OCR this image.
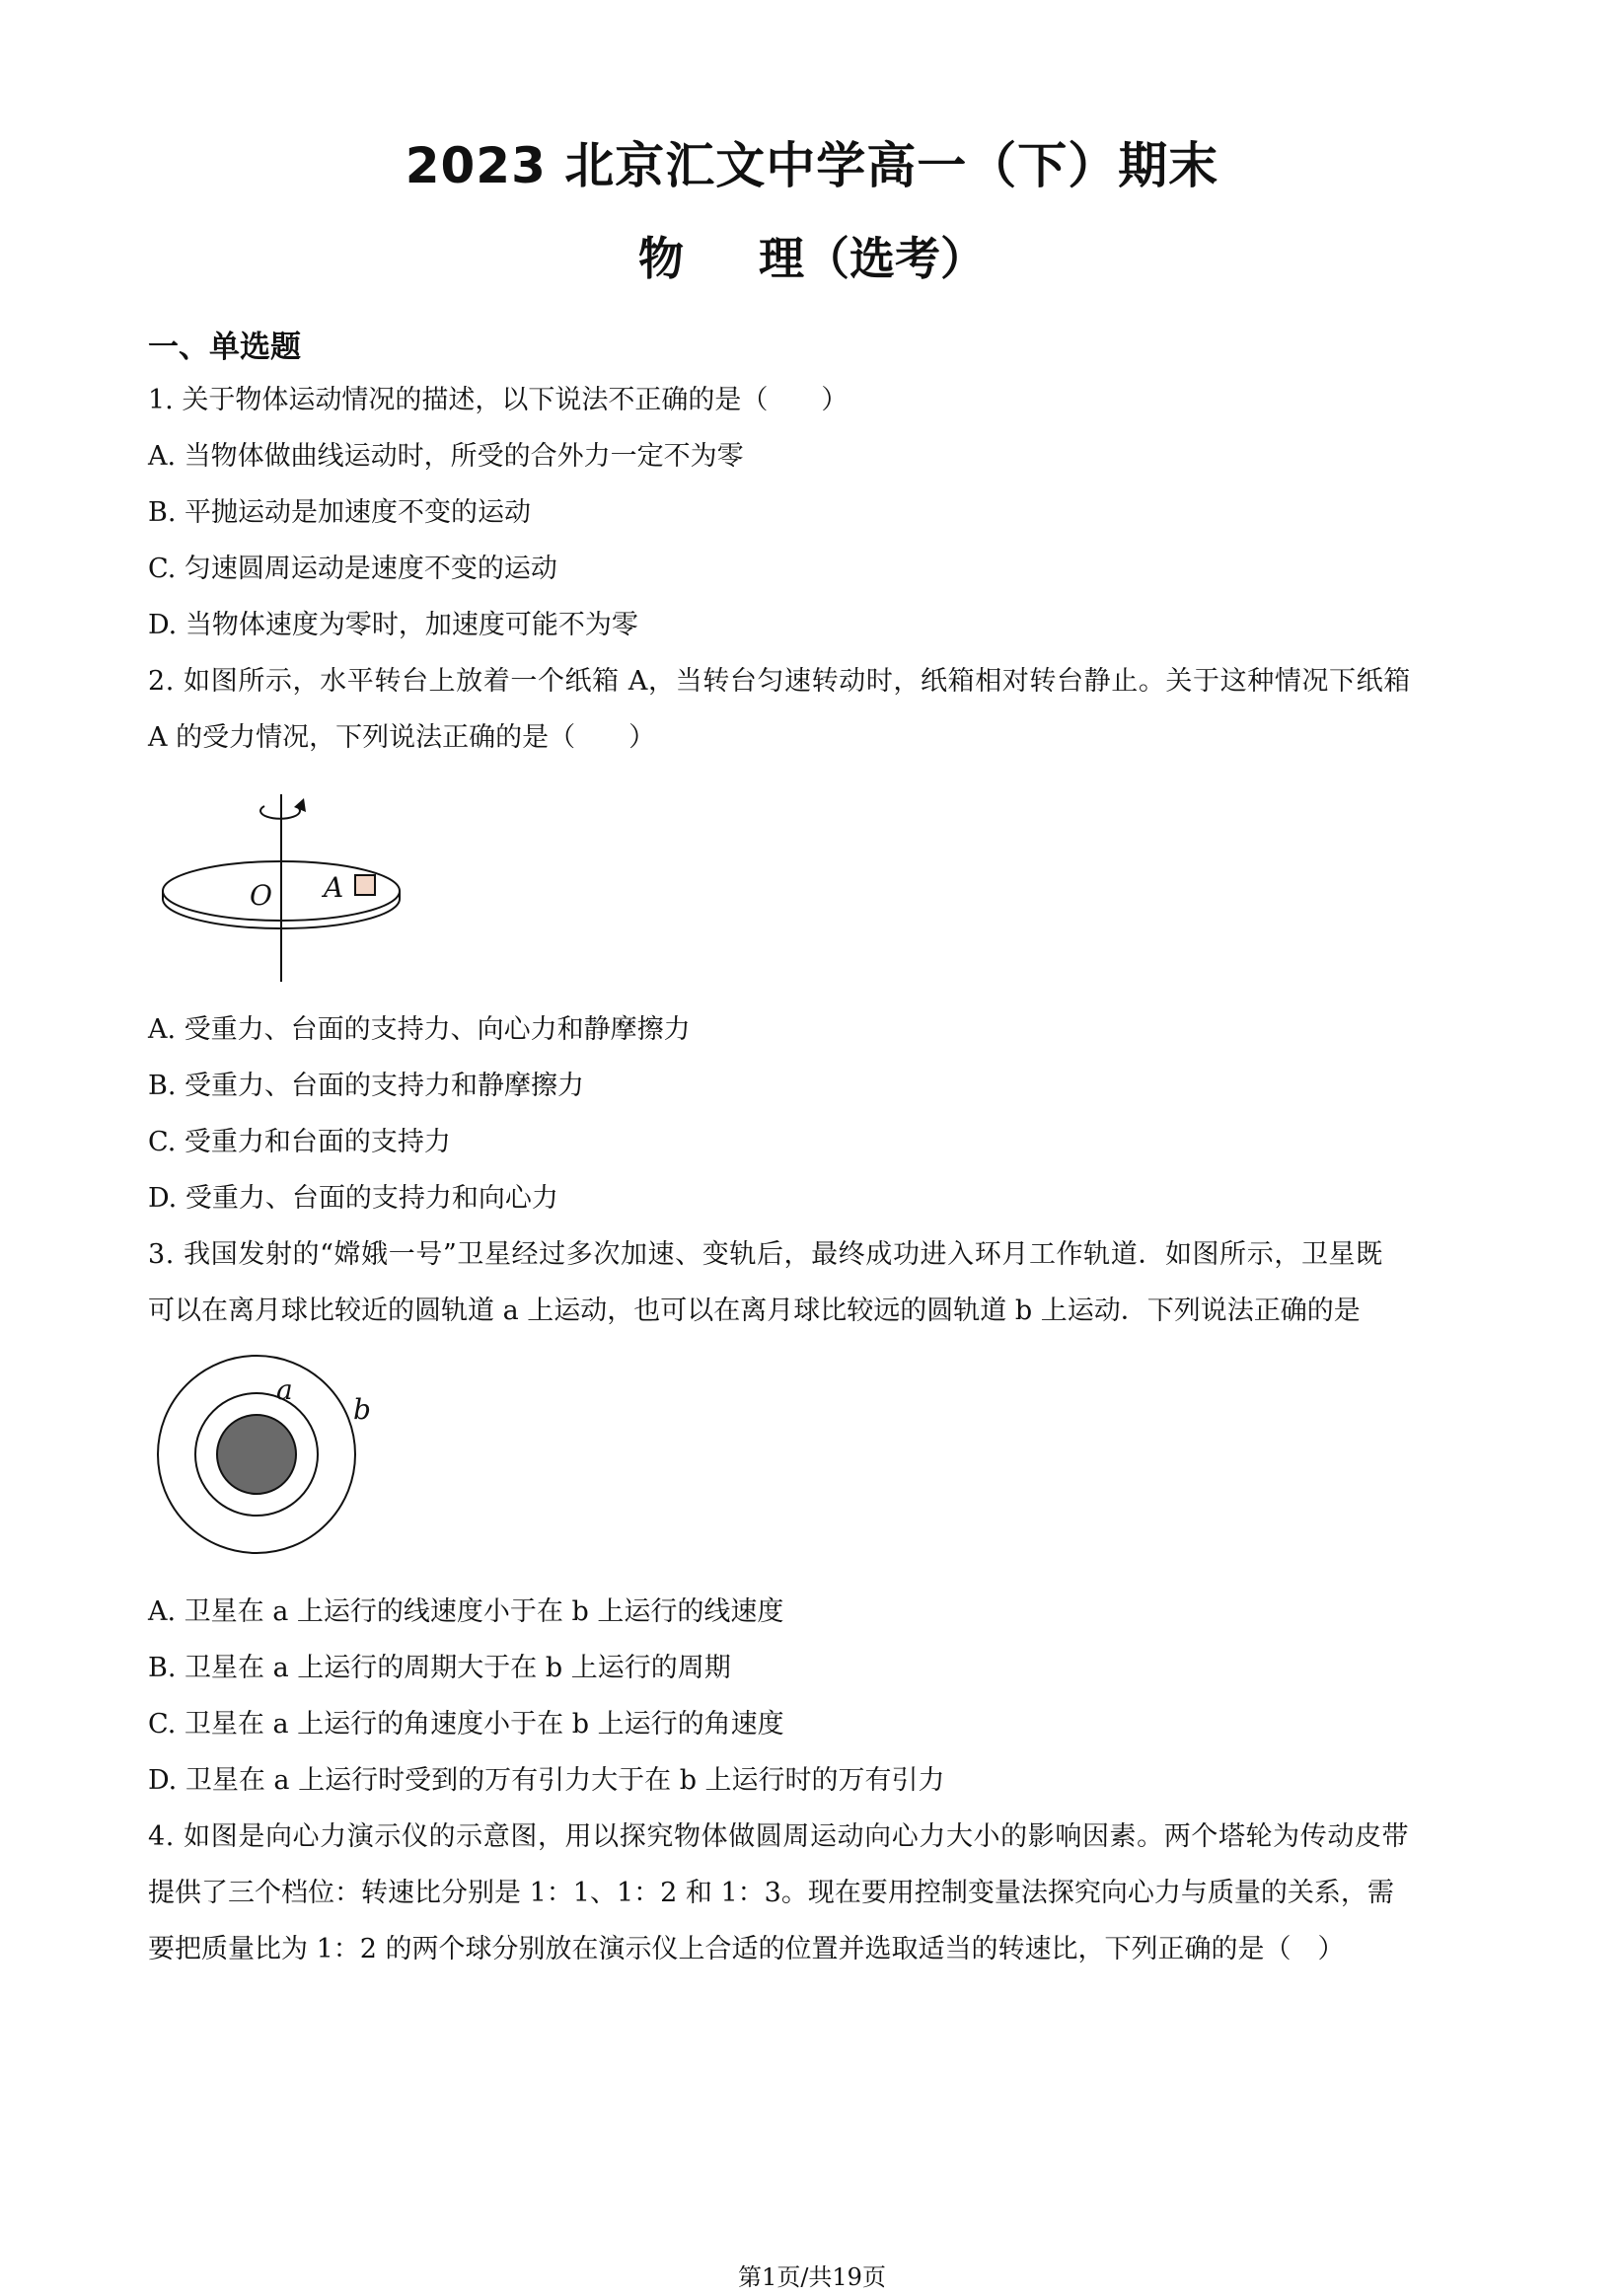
2023 北京汇文中学高一（下）期末
物 理（选考）
一、单选题
1. 关于物体运动情况的描述，以下说法不正确的是（　　）
A. 当物体做曲线运动时，所受的合外力一定不为零
B. 平抛运动是加速度不变的运动
C. 匀速圆周运动是速度不变的运动
D. 当物体速度为零时，加速度可能不为零
2. 如图所示，水平转台上放着一个纸箱 A，当转台匀速转动时，纸箱相对转台静止。关于这种情况下纸箱
A 的受力情况，下列说法正确的是（　　）
O A
A. 受重力、台面的支持力、向心力和静摩擦力
B. 受重力、台面的支持力和静摩擦力
C. 受重力和台面的支持力
D. 受重力、台面的支持力和向心力
3. 我国发射的“嫦娥一号”卫星经过多次加速、变轨后，最终成功进入环月工作轨道．如图所示，卫星既
可以在离月球比较近的圆轨道 a 上运动，也可以在离月球比较远的圆轨道 b 上运动．下列说法正确的是
a
b
A. 卫星在 a 上运行的线速度小于在 b 上运行的线速度
B. 卫星在 a 上运行的周期大于在 b 上运行的周期
C. 卫星在 a 上运行的角速度小于在 b 上运行的角速度
D. 卫星在 a 上运行时受到的万有引力大于在 b 上运行时的万有引力
4. 如图是向心力演示仪的示意图，用以探究物体做圆周运动向心力大小的影响因素。两个塔轮为传动皮带
提供了三个档位：转速比分别是 1：1、1：2 和 1：3。现在要用控制变量法探究向心力与质量的关系，需
要把质量比为 1：2 的两个球分别放在演示仪上合适的位置并选取适当的转速比，下列正确的是（　）
第1页/共19页
